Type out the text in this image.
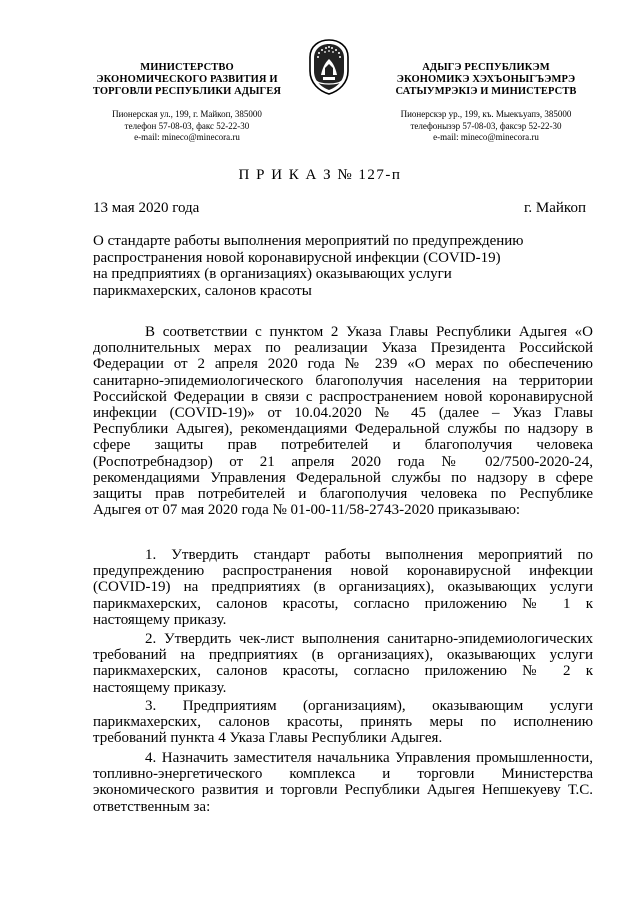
МИНИСТЕРСТВО
ЭКОНОМИЧЕСКОГО РАЗВИТИЯ И
ТОРГОВЛИ РЕСПУБЛИКИ АДЫГЕЯ
Пионерская ул., 199, г. Майкоп, 385000
телефон 57-08-03, факс 52-22-30
e-mail: mineco@minecora.ru
АДЫГЭ РЕСПУБЛИКЭМ
ЭКОНОМИКЭ ХЭХЪОНЫГЪЭМРЭ
САТЫУМРЭКІЭ И МИНИСТЕРСТВ
Пионерскэр ур., 199, къ. Мыекъуапэ, 385000
телефонызэр 57-08-03, факсэр 52-22-30
e-mail: mineco@minecora.ru
П Р И К А З № 127-п
13 мая 2020 года	г. Майкоп
О стандарте работы выполнения мероприятий по предупреждению
распространения новой коронавирусной инфекции (COVID-19)
на предприятиях (в организациях) оказывающих услуги
парикмахерских, салонов красоты
В соответствии с пунктом 2 Указа Главы Республики Адыгея «О
дополнительных мерах по реализации Указа Президента Российской
Федерации от 2 апреля 2020 года № 239 «О мерах по обеспечению
санитарно-эпидемиологического благополучия населения на территории
Российской Федерации в связи с распространением новой коронавирусной
инфекции (COVID-19)» от 10.04.2020 № 45 (далее – Указ Главы
Республики Адыгея), рекомендациями Федеральной службы по надзору в
сфере защиты прав потребителей и благополучия человека
(Роспотребнадзор) от 21 апреля 2020 года № 02/7500-2020-24,
рекомендациями Управления Федеральной службы по надзору в сфере
защиты прав потребителей и благополучия человека по Республике
Адыгея от 07 мая 2020 года № 01-00-11/58-2743-2020 приказываю:
1. Утвердить стандарт работы выполнения мероприятий по
предупреждению распространения новой коронавирусной инфекции
(COVID-19) на предприятиях (в организациях), оказывающих услуги
парикмахерских, салонов красоты, согласно приложению № 1 к
настоящему приказу.
2. Утвердить чек-лист выполнения санитарно-эпидемиологических
требований на предприятиях (в организациях), оказывающих услуги
парикмахерских, салонов красоты, согласно приложению № 2 к
настоящему приказу.
3. Предприятиям (организациям), оказывающим услуги
парикмахерских, салонов красоты, принять меры по исполнению
требований пункта 4 Указа Главы Республики Адыгея.
4. Назначить заместителя начальника Управления промышленности,
топливно-энергетического комплекса и торговли Министерства
экономического развития и торговли Республики Адыгея Непшекуеву Т.С.
ответственным за:
